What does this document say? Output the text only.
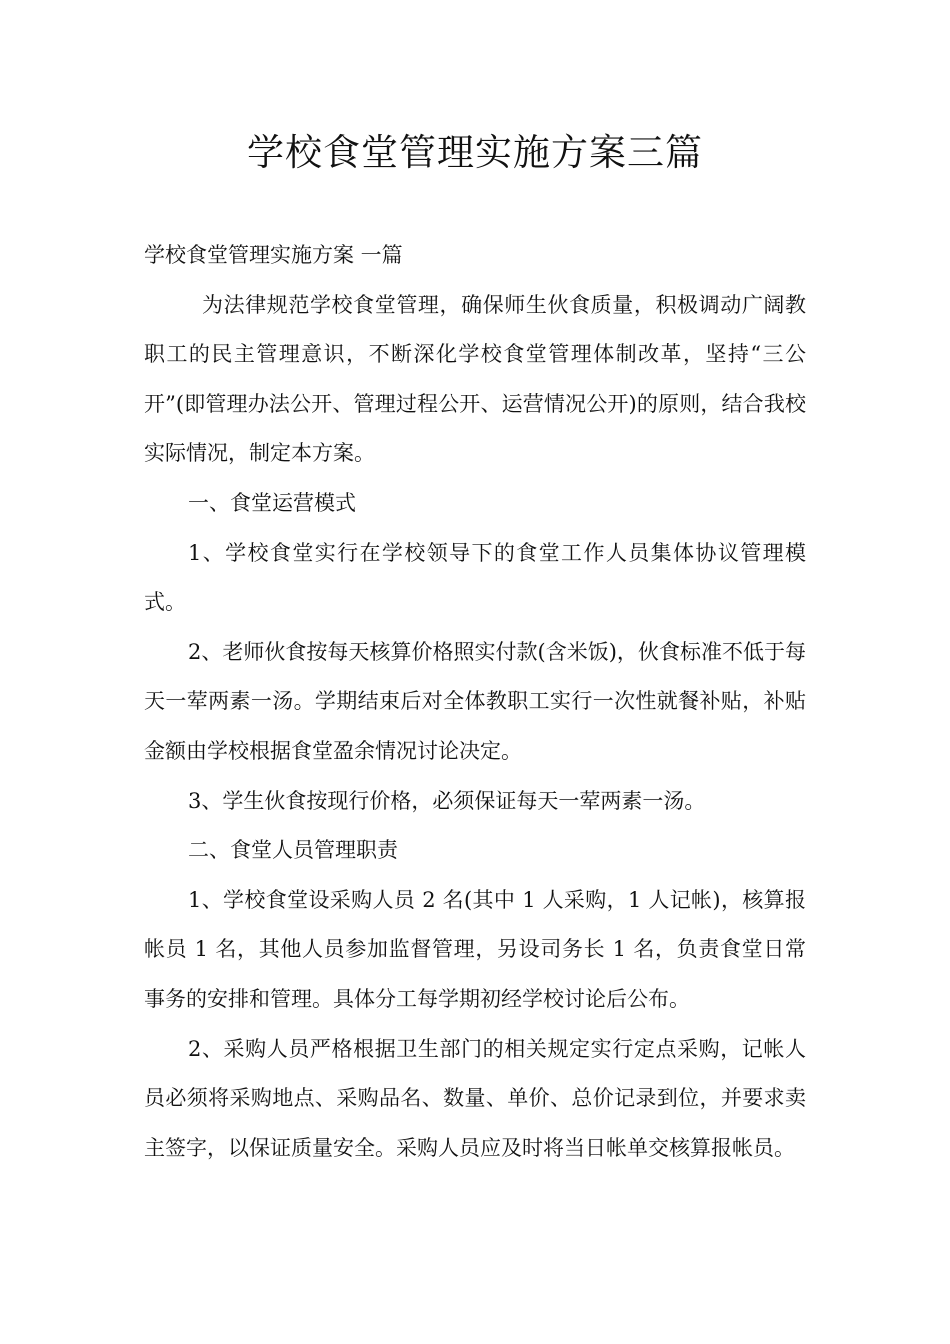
学校食堂管理实施方案三篇

学校食堂管理实施方案 一篇

为法律规范学校食堂管理，确保师生伙食质量，积极调动广阔教职工的民主管理意识，不断深化学校食堂管理体制改革，坚持“三公开”(即管理办法公开、管理过程公开、运营情况公开)的原则，结合我校实际情况，制定本方案。

一、食堂运营模式

1、学校食堂实行在学校领导下的食堂工作人员集体协议管理模式。

2、老师伙食按每天核算价格照实付款(含米饭)，伙食标准不低于每天一荤两素一汤。学期结束后对全体教职工实行一次性就餐补贴，补贴金额由学校根据食堂盈余情况讨论决定。

3、学生伙食按现行价格，必须保证每天一荤两素一汤。

二、食堂人员管理职责

1、学校食堂设采购人员 2 名(其中 1 人采购，1 人记帐)，核算报帐员 1 名，其他人员参加监督管理，另设司务长 1 名，负责食堂日常事务的安排和管理。具体分工每学期初经学校讨论后公布。

2、采购人员严格根据卫生部门的相关规定实行定点采购，记帐人员必须将采购地点、采购品名、数量、单价、总价记录到位，并要求卖主签字，以保证质量安全。采购人员应及时将当日帐单交核算报帐员。
